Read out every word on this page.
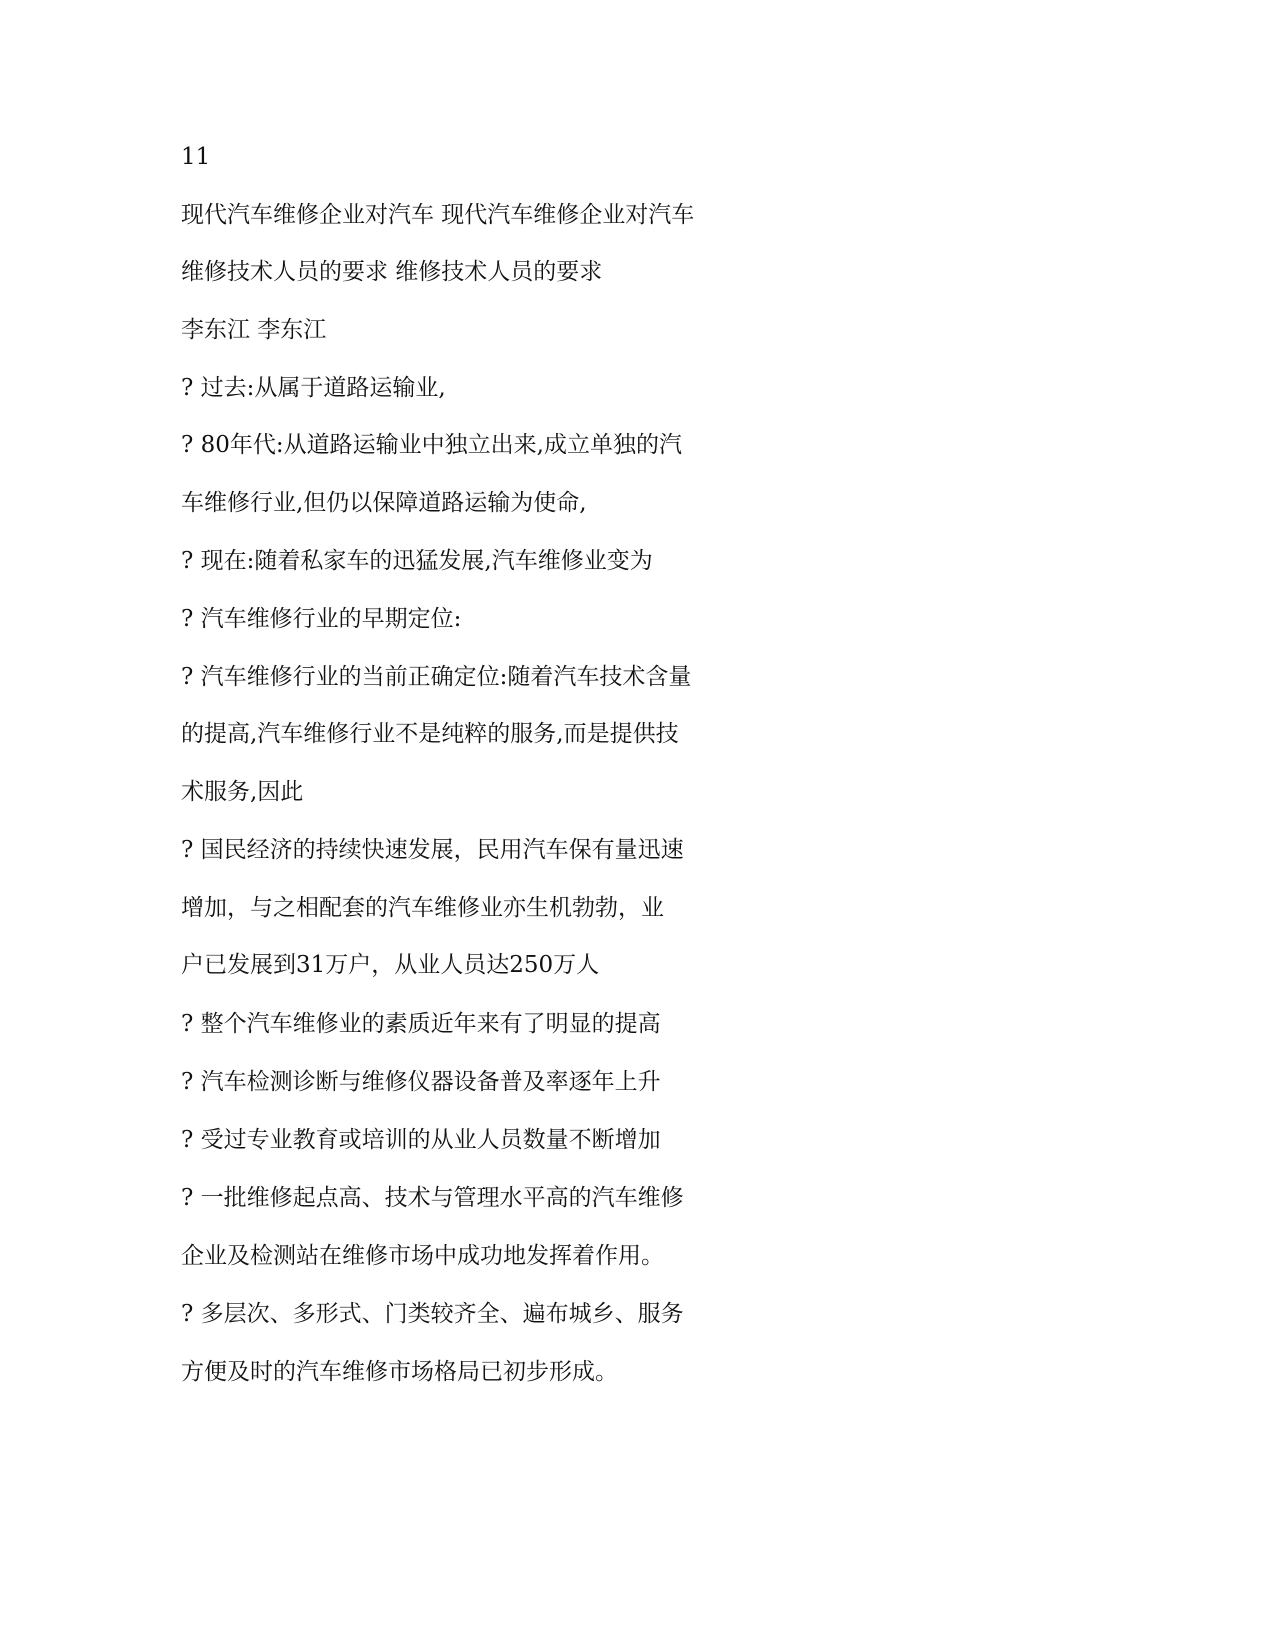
11
现代汽车维修企业对汽车 现代汽车维修企业对汽车
维修技术人员的要求 维修技术人员的要求
李东江 李东江
? 过去:从属于道路运输业,
? 80年代:从道路运输业中独立出来,成立单独的汽
车维修行业,但仍以保障道路运输为使命,
? 现在:随着私家车的迅猛发展,汽车维修业变为
? 汽车维修行业的早期定位:
? 汽车维修行业的当前正确定位:随着汽车技术含量
的提高,汽车维修行业不是纯粹的服务,而是提供技
术服务,因此
? 国民经济的持续快速发展，民用汽车保有量迅速
增加，与之相配套的汽车维修业亦生机勃勃，业
户已发展到31万户，从业人员达250万人
? 整个汽车维修业的素质近年来有了明显的提高
? 汽车检测诊断与维修仪器设备普及率逐年上升
? 受过专业教育或培训的从业人员数量不断增加
? 一批维修起点高、技术与管理水平高的汽车维修
企业及检测站在维修市场中成功地发挥着作用。
? 多层次、多形式、门类较齐全、遍布城乡、服务
方便及时的汽车维修市场格局已初步形成。
